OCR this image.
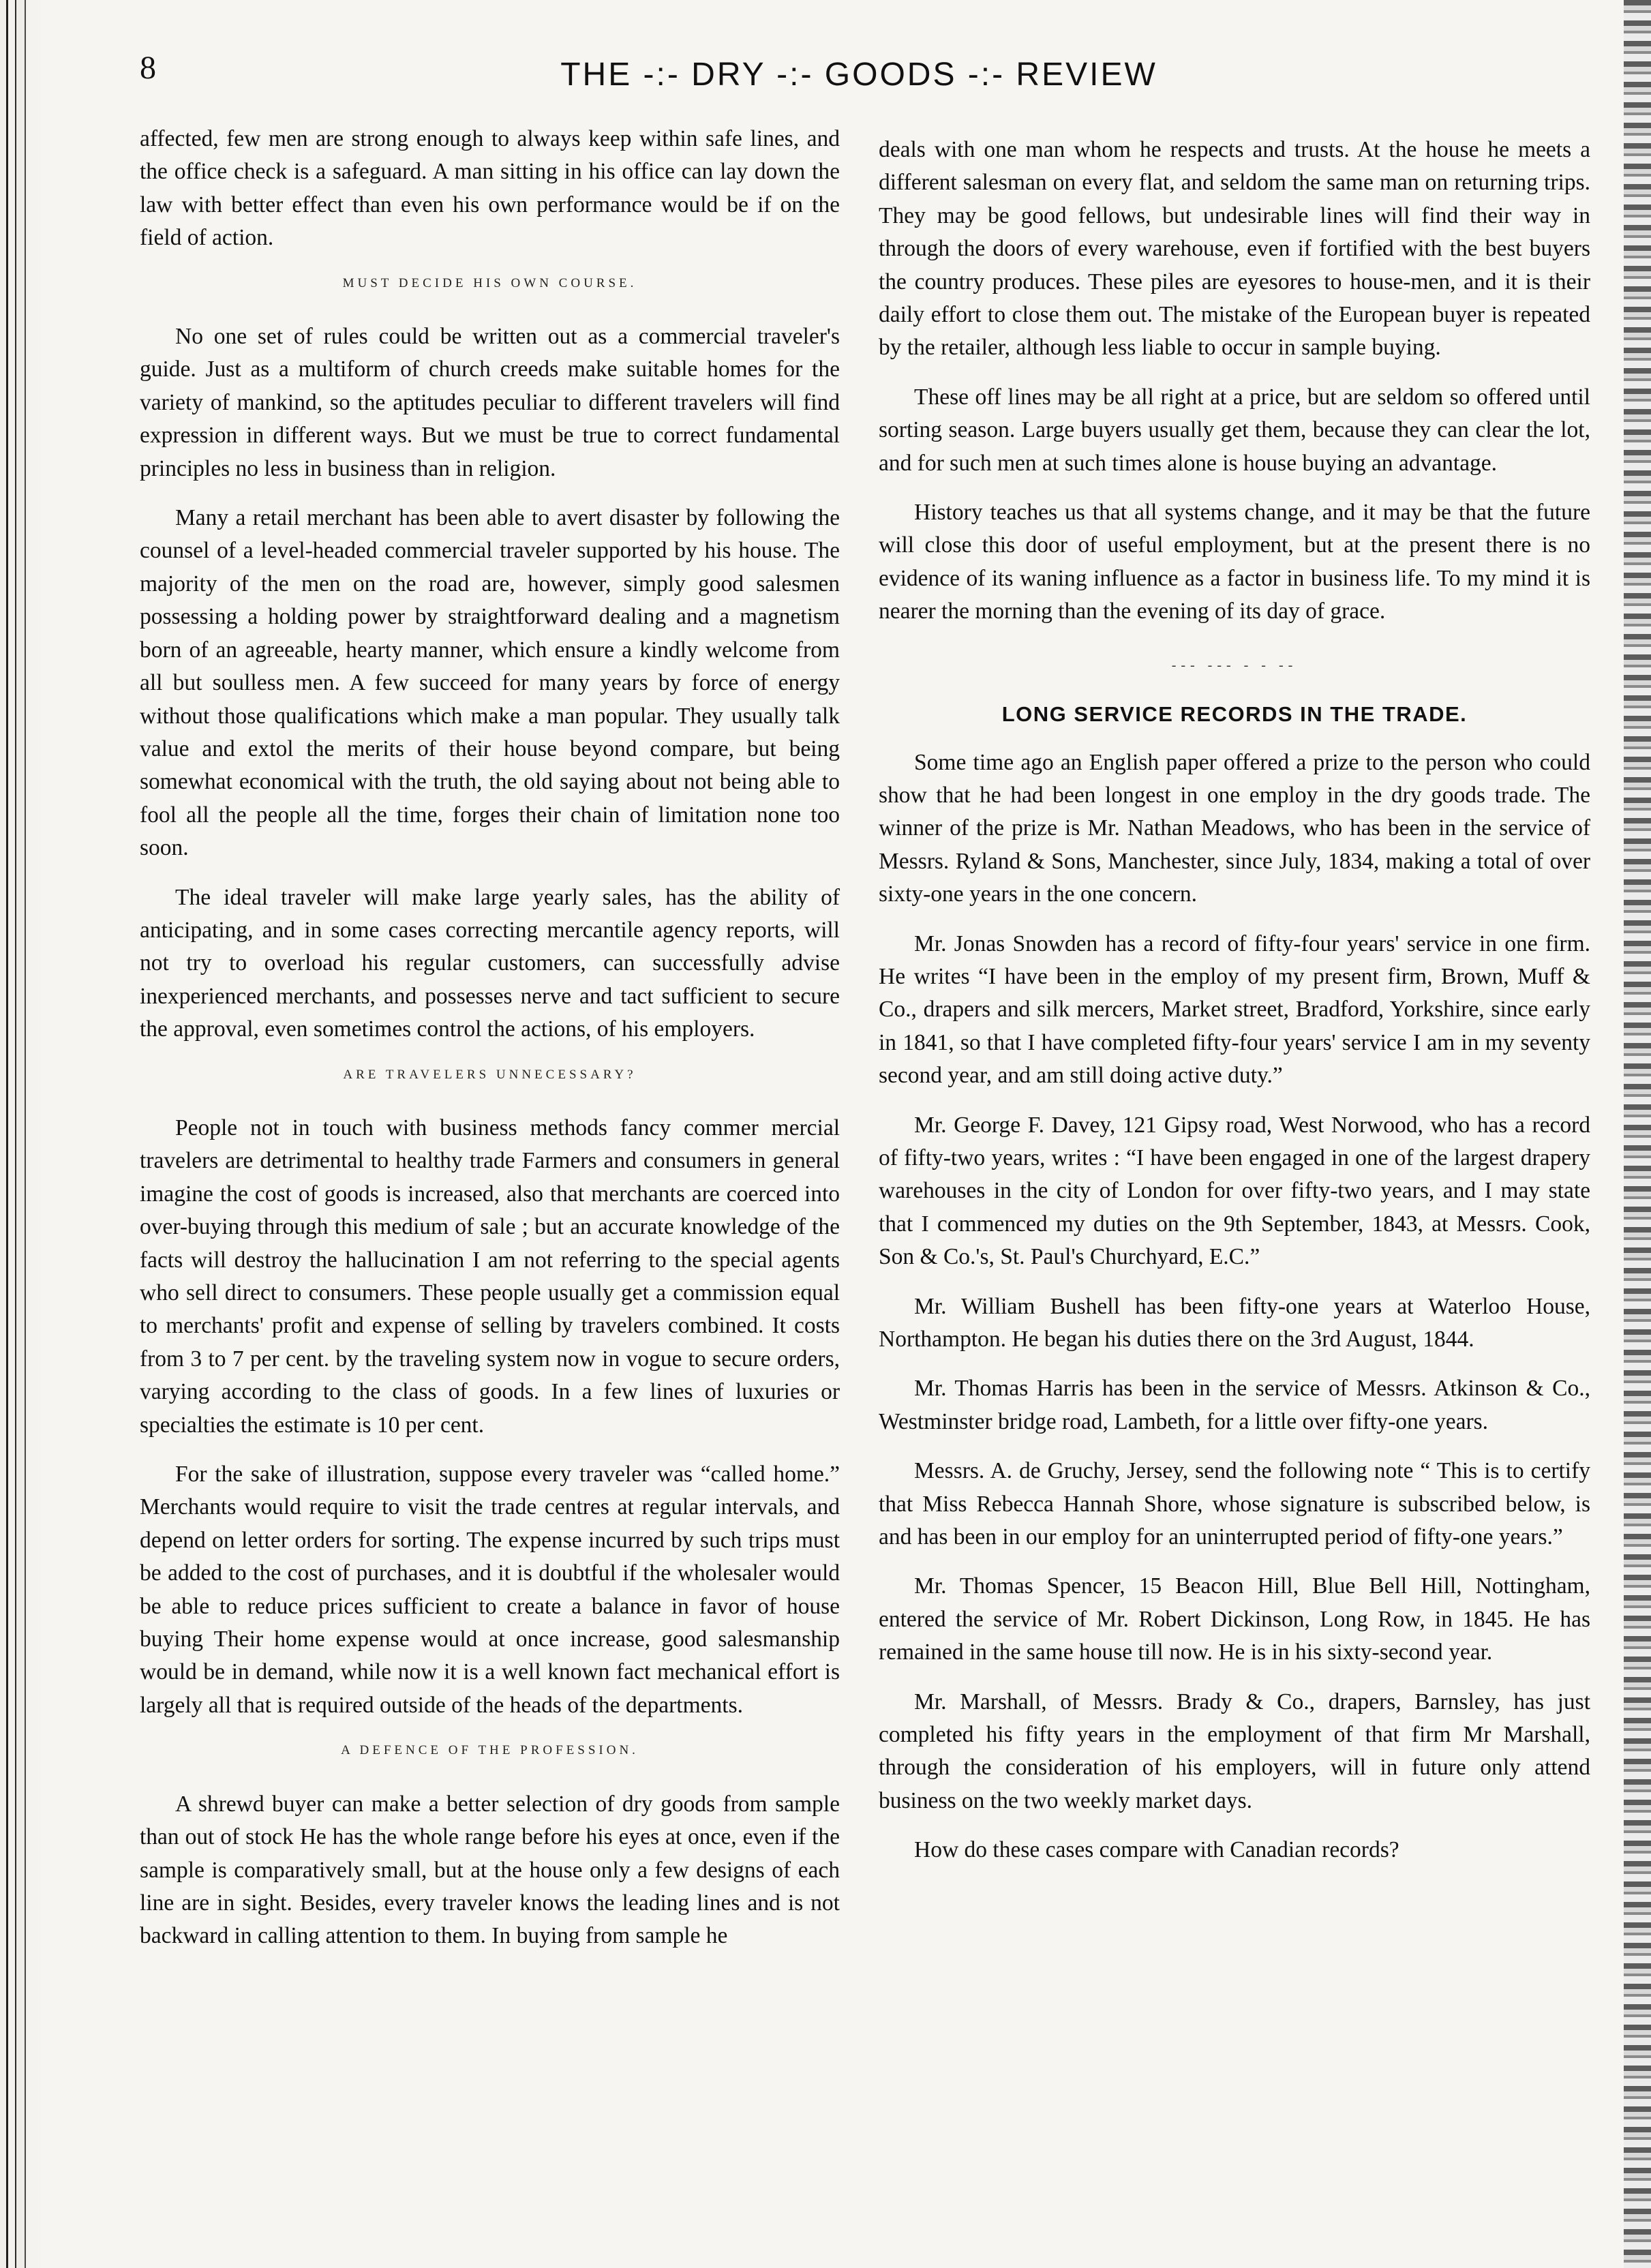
8	THE -:- DRY -:- GOODS -:- REVIEW

affected, few men are strong enough to always keep within safe lines, and the office check is a safeguard. A man sitting in his office can lay down the law with better effect than even his own performance would be if on the field of action.

MUST DECIDE HIS OWN COURSE.

No one set of rules could be written out as a commercial traveler's guide. Just as a multiform of church creeds make suitable homes for the variety of mankind, so the aptitudes peculiar to different travelers will find expression in different ways. But we must be true to correct fundamental principles no less in business than in religion.

Many a retail merchant has been able to avert disaster by following the counsel of a level-headed commercial traveler supported by his house. The majority of the men on the road are, however, simply good salesmen possessing a holding power by straightforward dealing and a magnetism born of an agreeable, hearty manner, which ensure a kindly welcome from all but soulless men. A few succeed for many years by force of energy without those qualifications which make a man popular. They usually talk value and extol the merits of their house beyond compare, but being somewhat economical with the truth, the old saying about not being able to fool all the people all the time, forges their chain of limitation none too soon.

The ideal traveler will make large yearly sales, has the ability of anticipating, and in some cases correcting mercantile agency reports, will not try to overload his regular customers, can successfully advise inexperienced merchants, and possesses nerve and tact sufficient to secure the approval, even sometimes control the actions, of his employers.

ARE TRAVELERS UNNECESSARY?

People not in touch with business methods fancy commer mercial travelers are detrimental to healthy trade Farmers and consumers in general imagine the cost of goods is increased, also that merchants are coerced into over-buying through this medium of sale ; but an accurate knowledge of the facts will destroy the hallucination I am not referring to the special agents who sell direct to consumers. These people usually get a commission equal to merchants' profit and expense of selling by travelers combined. It costs from 3 to 7 per cent. by the traveling system now in vogue to secure orders, varying according to the class of goods. In a few lines of luxuries or specialties the estimate is 10 per cent.

For the sake of illustration, suppose every traveler was “called home.” Merchants would require to visit the trade centres at regular intervals, and depend on letter orders for sorting. The expense incurred by such trips must be added to the cost of purchases, and it is doubtful if the wholesaler would be able to reduce prices sufficient to create a balance in favor of house buying Their home expense would at once increase, good salesmanship would be in demand, while now it is a well known fact mechanical effort is largely all that is required outside of the heads of the departments.

A DEFENCE OF THE PROFESSION.

A shrewd buyer can make a better selection of dry goods from sample than out of stock He has the whole range before his eyes at once, even if the sample is comparatively small, but at the house only a few designs of each line are in sight. Besides, every traveler knows the leading lines and is not backward in calling attention to them. In buying from sample he

deals with one man whom he respects and trusts. At the house he meets a different salesman on every flat, and seldom the same man on returning trips. They may be good fellows, but undesirable lines will find their way in through the doors of every warehouse, even if fortified with the best buyers the country produces. These piles are eyesores to house-men, and it is their daily effort to close them out. The mistake of the European buyer is repeated by the retailer, although less liable to occur in sample buying.

These off lines may be all right at a price, but are seldom so offered until sorting season. Large buyers usually get them, because they can clear the lot, and for such men at such times alone is house buying an advantage.

History teaches us that all systems change, and it may be that the future will close this door of useful employment, but at the present there is no evidence of its waning influence as a factor in business life. To my mind it is nearer the morning than the evening of its day of grace.

--- --- - - --
LONG SERVICE RECORDS IN THE TRADE.

Some time ago an English paper offered a prize to the person who could show that he had been longest in one employ in the dry goods trade. The winner of the prize is Mr. Nathan Meadows, who has been in the service of Messrs. Ryland & Sons, Manchester, since July, 1834, making a total of over sixty-one years in the one concern.

Mr. Jonas Snowden has a record of fifty-four years' service in one firm. He writes “I have been in the employ of my present firm, Brown, Muff & Co., drapers and silk mercers, Market street, Bradford, Yorkshire, since early in 1841, so that I have completed fifty-four years' service I am in my seventy second year, and am still doing active duty.”

Mr. George F. Davey, 121 Gipsy road, West Norwood, who has a record of fifty-two years, writes : “I have been engaged in one of the largest drapery warehouses in the city of London for over fifty-two years, and I may state that I commenced my duties on the 9th September, 1843, at Messrs. Cook, Son & Co.'s, St. Paul's Churchyard, E.C.”

Mr. William Bushell has been fifty-one years at Waterloo House, Northampton. He began his duties there on the 3rd August, 1844.

Mr. Thomas Harris has been in the service of Messrs. Atkinson & Co., Westminster bridge road, Lambeth, for a little over fifty-one years.

Messrs. A. de Gruchy, Jersey, send the following note “ This is to certify that Miss Rebecca Hannah Shore, whose signature is subscribed below, is and has been in our employ for an uninterrupted period of fifty-one years.”

Mr. Thomas Spencer, 15 Beacon Hill, Blue Bell Hill, Nottingham, entered the service of Mr. Robert Dickinson, Long Row, in 1845. He has remained in the same house till now. He is in his sixty-second year.

Mr. Marshall, of Messrs. Brady & Co., drapers, Barnsley, has just completed his fifty years in the employment of that firm Mr Marshall, through the consideration of his employers, will in future only attend business on the two weekly market days.

How do these cases compare with Canadian records?
